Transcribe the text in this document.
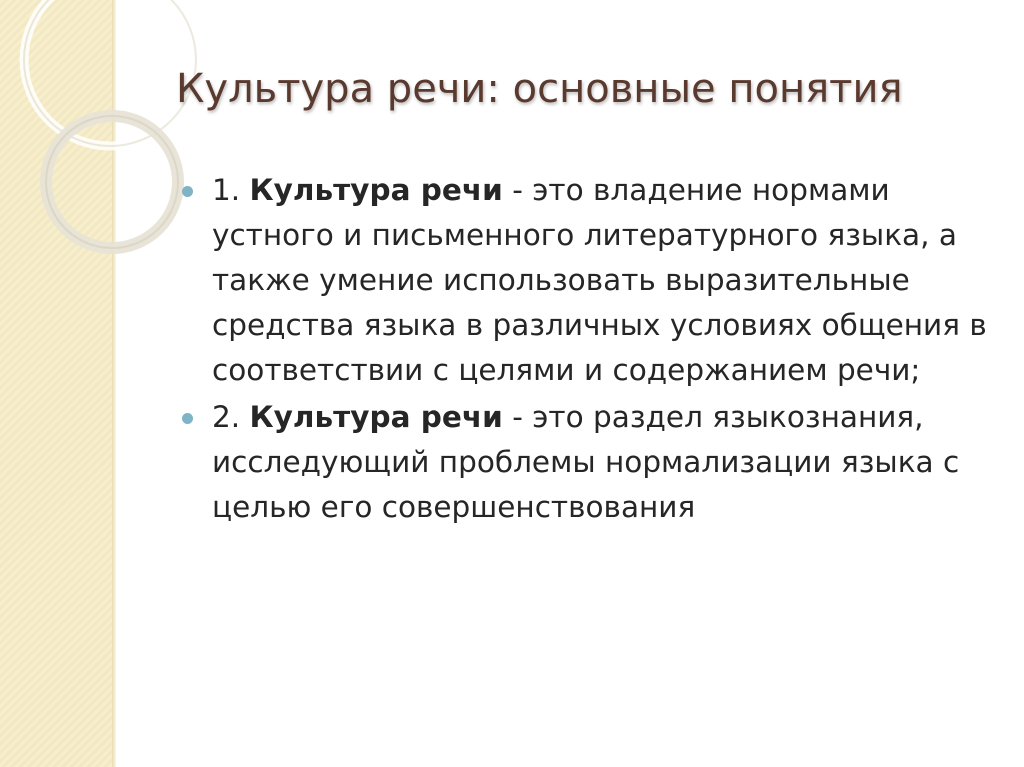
Культура речи: основные понятия
1. Культура речи - это владение нормами устного и письменного литературного языка, а также умение использовать выразительные средства языка в различных условиях общения в соответствии с целями и содержанием речи;
2. Культура речи - это раздел языкознания, исследующий проблемы нормализации языка с целью его совершенствования
